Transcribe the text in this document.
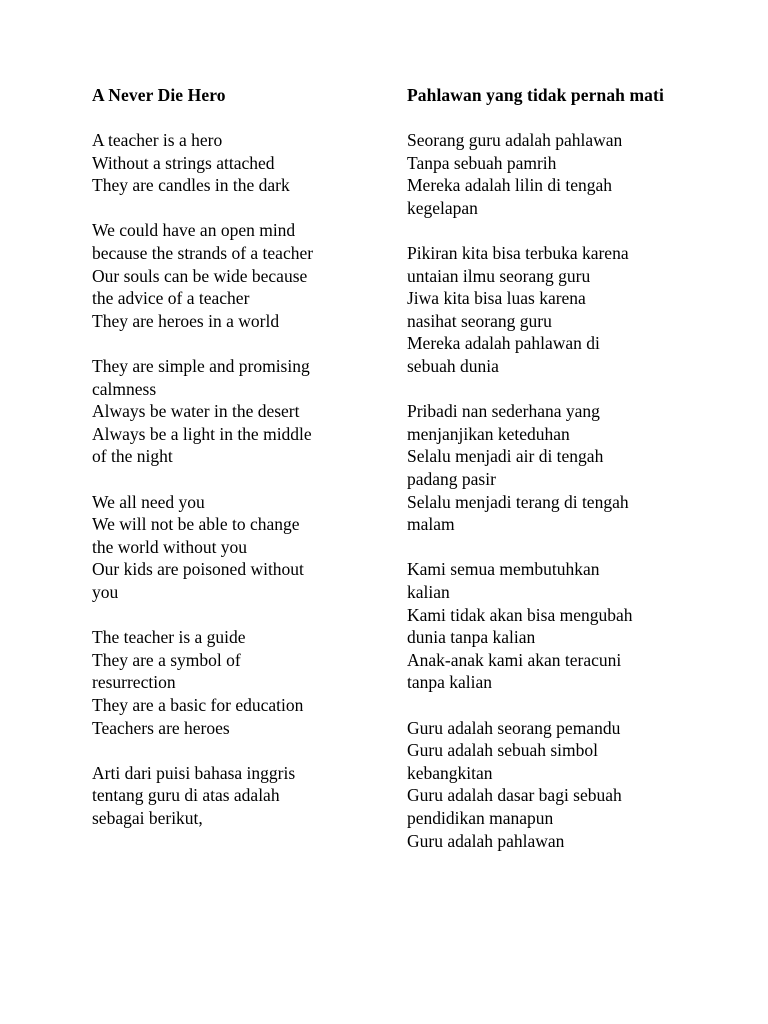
A Never Die Hero
A teacher is a hero
Without a strings attached
They are candles in the dark
We could have an open mind
because the strands of a teacher
Our souls can be wide because
the advice of a teacher
They are heroes in a world
They are simple and promising
calmness
Always be water in the desert
Always be a light in the middle
of the night
We all need you
We will not be able to change
the world without you
Our kids are poisoned without
you
The teacher is a guide
They are a symbol of
resurrection
They are a basic for education
Teachers are heroes
Arti dari puisi bahasa inggris
tentang guru di atas adalah
sebagai berikut,
Pahlawan yang tidak pernah mati
Seorang guru adalah pahlawan
Tanpa sebuah pamrih
Mereka adalah lilin di tengah
kegelapan
Pikiran kita bisa terbuka karena
untaian ilmu seorang guru
Jiwa kita bisa luas karena
nasihat seorang guru
Mereka adalah pahlawan di
sebuah dunia
Pribadi nan sederhana yang
menjanjikan keteduhan
Selalu menjadi air di tengah
padang pasir
Selalu menjadi terang di tengah
malam
Kami semua membutuhkan
kalian
Kami tidak akan bisa mengubah
dunia tanpa kalian
Anak-anak kami akan teracuni
tanpa kalian
Guru adalah seorang pemandu
Guru adalah sebuah simbol
kebangkitan
Guru adalah dasar bagi sebuah
pendidikan manapun
Guru adalah pahlawan
